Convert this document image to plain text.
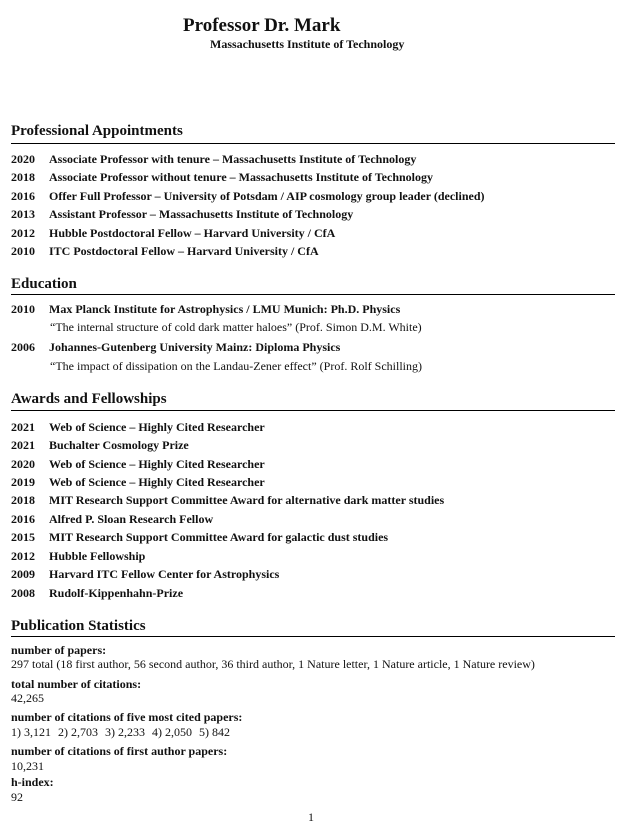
Professor Dr. Mark
Massachusetts Institute of Technology
Professional Appointments
2020 Associate Professor with tenure – Massachusetts Institute of Technology
2018 Associate Professor without tenure – Massachusetts Institute of Technology
2016 Offer Full Professor – University of Potsdam / AIP cosmology group leader (declined)
2013 Assistant Professor – Massachusetts Institute of Technology
2012 Hubble Postdoctoral Fellow – Harvard University / CfA
2010 ITC Postdoctoral Fellow – Harvard University / CfA
Education
2010 Max Planck Institute for Astrophysics / LMU Munich: Ph.D. Physics
“The internal structure of cold dark matter haloes” (Prof. Simon D.M. White)
2006 Johannes-Gutenberg University Mainz: Diploma Physics
“The impact of dissipation on the Landau-Zener effect” (Prof. Rolf Schilling)
Awards and Fellowships
2021 Web of Science – Highly Cited Researcher
2021 Buchalter Cosmology Prize
2020 Web of Science – Highly Cited Researcher
2019 Web of Science – Highly Cited Researcher
2018 MIT Research Support Committee Award for alternative dark matter studies
2016 Alfred P. Sloan Research Fellow
2015 MIT Research Support Committee Award for galactic dust studies
2012 Hubble Fellowship
2009 Harvard ITC Fellow Center for Astrophysics
2008 Rudolf-Kippenhahn-Prize
Publication Statistics
number of papers:
297 total (18 first author, 56 second author, 36 third author, 1 Nature letter, 1 Nature article, 1 Nature review)
total number of citations:
42,265
number of citations of five most cited papers:
1) 3,121 2) 2,703 3) 2,233 4) 2,050 5) 842
number of citations of first author papers:
10,231
h-index:
92
1
